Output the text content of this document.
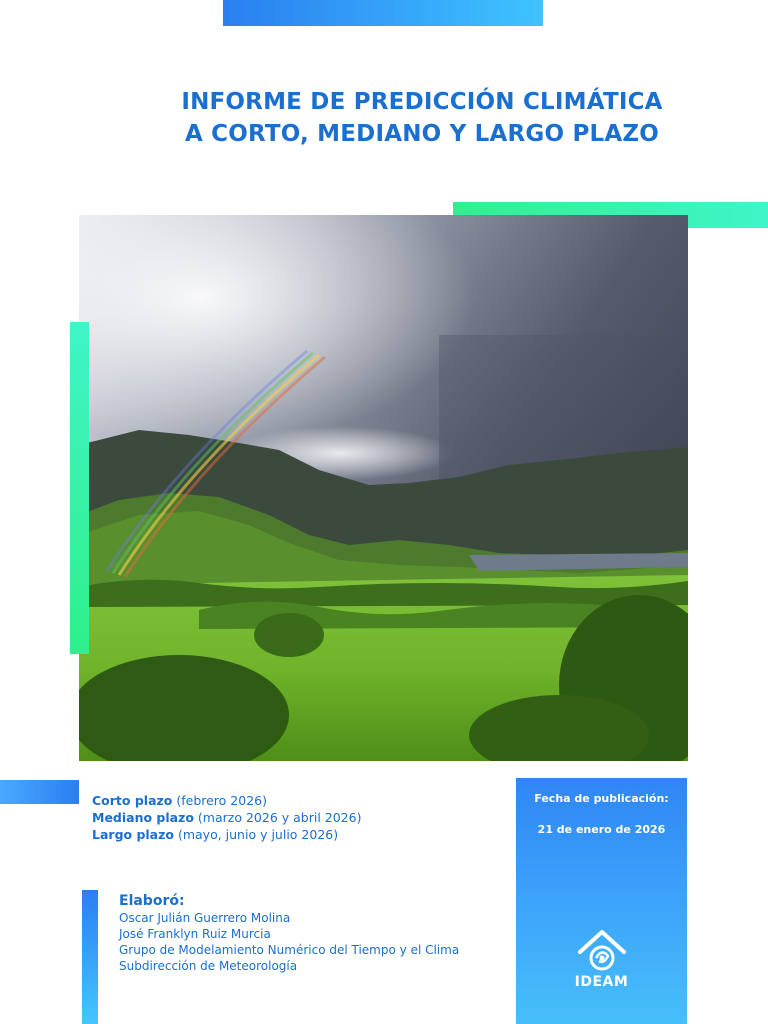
INFORME DE PREDICCIÓN CLIMÁTICA
A CORTO, MEDIANO Y LARGO PLAZO
Corto plazo (febrero 2026)
Mediano plazo (marzo 2026 y abril 2026)
Largo plazo (mayo, junio y julio 2026)
Fecha de publicación:
21 de enero de 2026
IDEAM
Elaboró:
Oscar Julián Guerrero Molina
José Franklyn Ruiz Murcia
Grupo de Modelamiento Numérico del Tiempo y el Clima
Subdirección de Meteorología
